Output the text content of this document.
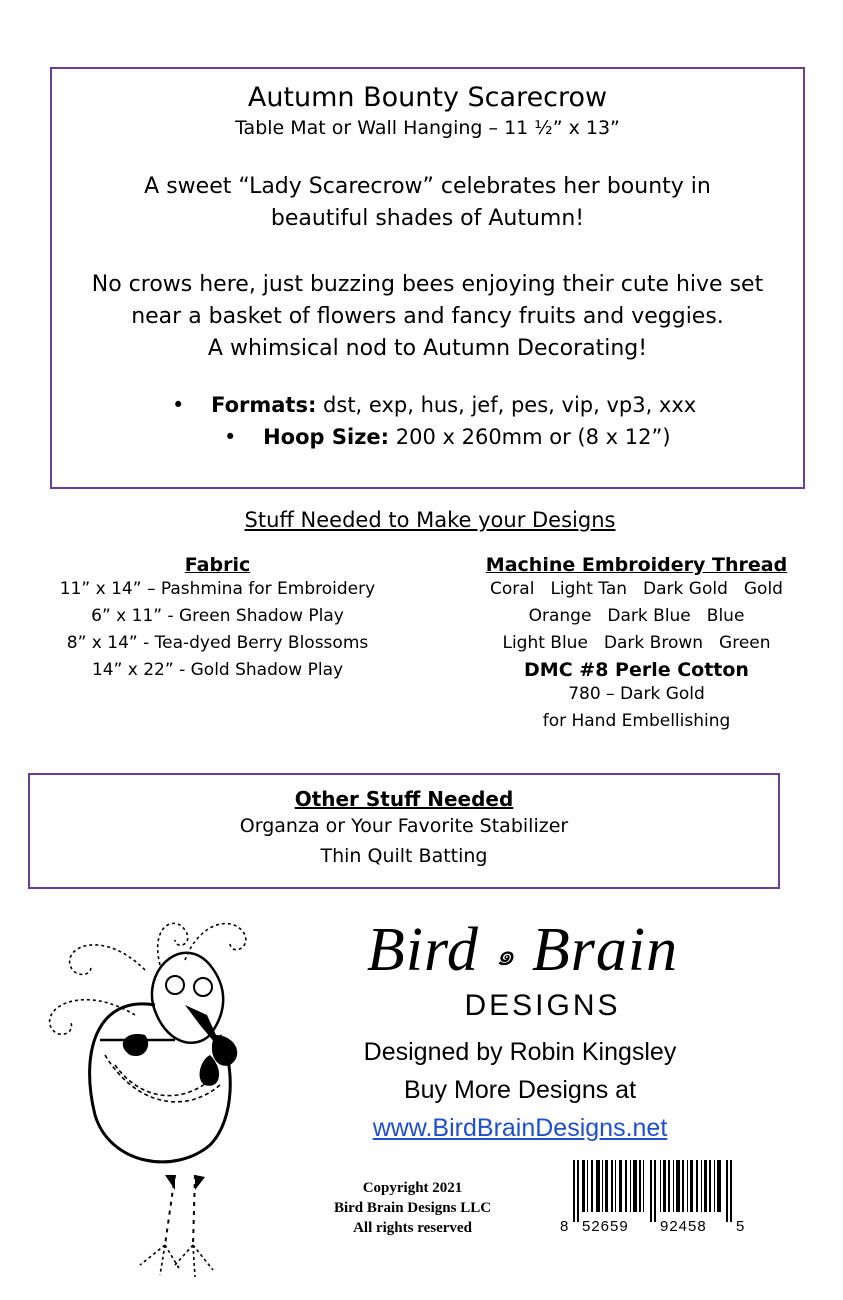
Autumn Bounty Scarecrow
Table Mat or Wall Hanging – 11 ½” x 13”
A sweet “Lady Scarecrow” celebrates her bounty in
beautiful shades of Autumn!
No crows here, just buzzing bees enjoying their cute hive set
near a basket of flowers and fancy fruits and veggies.
A whimsical nod to Autumn Decorating!
•    Formats: dst, exp, hus, jef, pes, vip, vp3, xxx
•    Hoop Size: 200 x 260mm or (8 x 12”)
Stuff Needed to Make your Designs
Fabric
11” x 14” – Pashmina for Embroidery
6” x 11” - Green Shadow Play
8” x 14” - Tea-dyed Berry Blossoms
14” x 22” - Gold Shadow Play
Machine Embroidery Thread
Coral Light Tan Dark Gold Gold
Orange Dark Blue Blue
Light Blue Dark Brown Green
DMC #8 Perle Cotton
780 – Dark Gold
for Hand Embellishing
Other Stuff Needed
Organza or Your Favorite Stabilizer
Thin Quilt Batting
Bird ๑ Brain
DESIGNS
Designed by Robin Kingsley
Buy More Designs at
www.BirdBrainDesigns.net
Copyright 2021
Bird Brain Designs LLC
All rights reserved	8 52659 92458 5
